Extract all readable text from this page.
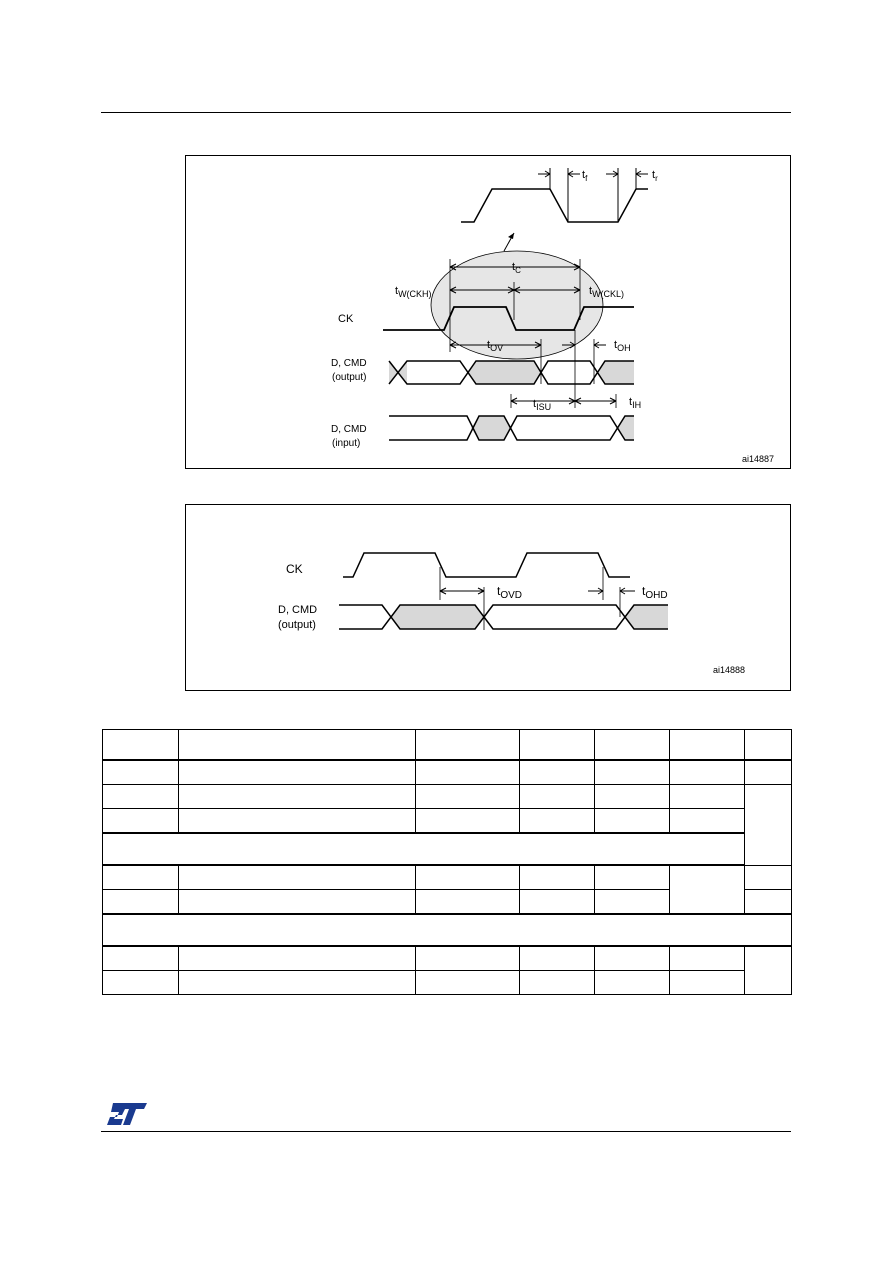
$t_f$	$t_r$
CK
$t_C$
$t_{W(CKH)}$	$t_{W(CKL)}$
$t_{OV}$	$t_{OH}$
D, CMD
(output)
$t_{ISU}$	$t_{IH}$
D, CMD
(input)
ai14887
CK
$t_{OVD}$	$t_{OHD}$
D, CMD
(output)
ai14888
